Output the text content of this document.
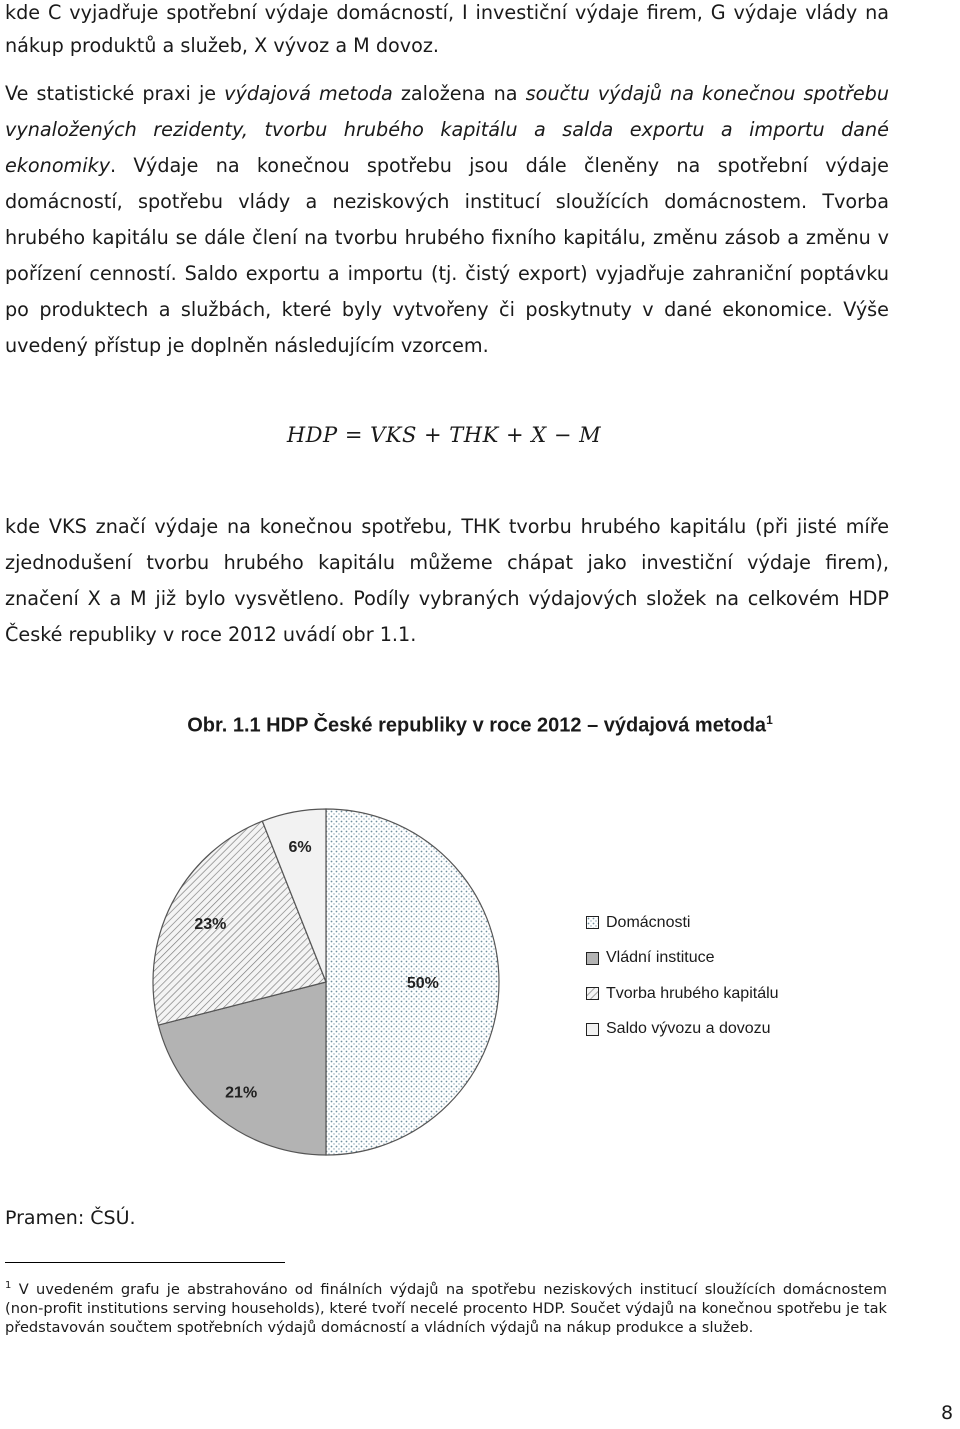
kde C vyjadřuje spotřební výdaje domácností, I investiční výdaje firem, G výdaje vlády na nákup produktů a služeb, X vývoz a M dovoz.

Ve statistické praxi je výdajová metoda založena na součtu výdajů na konečnou spotřebu vynaložených rezidenty, tvorbu hrubého kapitálu a salda exportu a importu dané ekonomiky. Výdaje na konečnou spotřebu jsou dále členěny na spotřební výdaje domácností, spotřebu vlády a neziskových institucí sloužících domácnostem. Tvorba hrubého kapitálu se dále člení na tvorbu hrubého fixního kapitálu, změnu zásob a změnu v pořízení cenností. Saldo exportu a importu (tj. čistý export) vyjadřuje zahraniční poptávku po produktech a službách, které byly vytvořeny či poskytnuty v dané ekonomice. Výše uvedený přístup je doplněn následujícím vzorcem.

HDP = VKS + THK + X − M

kde VKS značí výdaje na konečnou spotřebu, THK tvorbu hrubého kapitálu (při jisté míře zjednodušení tvorbu hrubého kapitálu můžeme chápat jako investiční výdaje firem), značení X a M již bylo vysvětleno. Podíly vybraných výdajových složek na celkovém HDP České republiky v roce 2012 uvádí obr 1.1.

Obr. 1.1 HDP České republiky v roce 2012 – výdajová metoda$^1$
50%
21%
23%
6%
Domácnosti
Vládní instituce
Tvorba hrubého kapitálu
Saldo vývozu a dovozu
Pramen: ČSÚ.

$^1$ V uvedeném grafu je abstrahováno od finálních výdajů na spotřebu neziskových institucí sloužících domácnostem (non-profit institutions serving households), které tvoří necelé procento HDP. Součet výdajů na konečnou spotřebu je tak představován součtem spotřebních výdajů domácností a vládních výdajů na nákup produkce a služeb.

8
